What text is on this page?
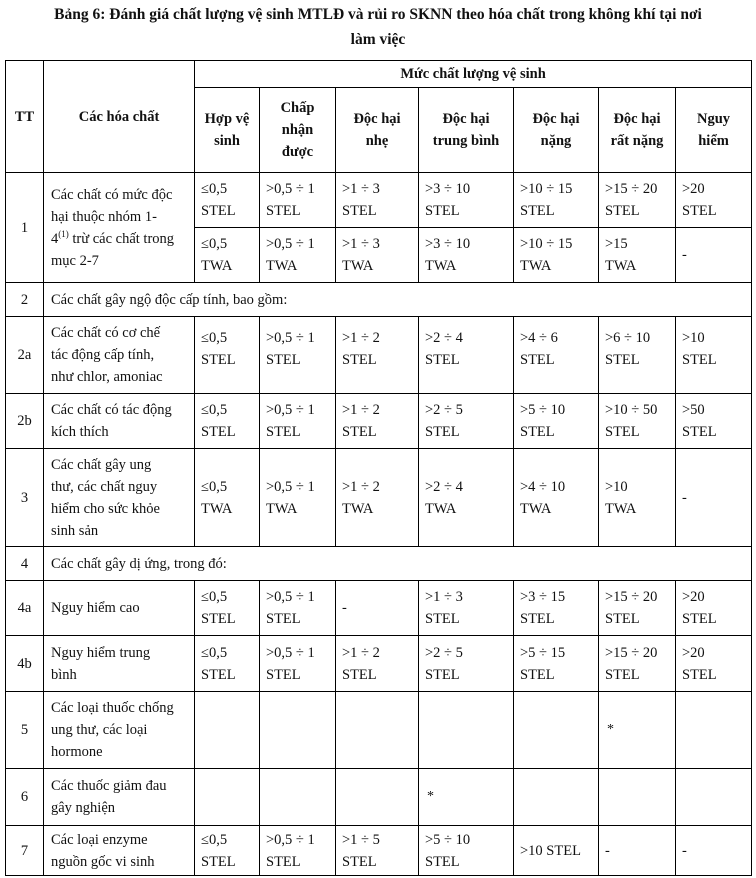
Bảng 6: Đánh giá chất lượng vệ sinh MTLĐ và rủi ro SKNN theo hóa chất trong không khí tại nơi
làm việc
TT	Các hóa chất	Mức chất lượng vệ sinh						

		Hợp vệ
sinh	Chấp
nhận
được	Độc hại
nhẹ	Độc hại
trung bình	Độc hại
nặng	Độc hại
rất nặng	Nguy
hiểm

1	Các chất có mức độc
hại thuộc nhóm 1-
4$^{(1)}$ trừ các chất trong
mục 2-7	≤0,5
STEL	>0,5 ÷ 1
STEL	>1 ÷ 3
STEL	>3 ÷ 10
STEL	>10 ÷ 15
STEL	>15 ÷ 20
STEL	>20
STEL

		≤0,5
TWA	>0,5 ÷ 1
TWA	>1 ÷ 3
TWA	>3 ÷ 10
TWA	>10 ÷ 15
TWA	>15
TWA	-
2	Các chất gây ngộ độc cấp tính, bao gồm:							
2a	Các chất có cơ chế
tác động cấp tính,
như chlor, amoniac	≤0,5
STEL	>0,5 ÷ 1
STEL	>1 ÷ 2
STEL	>2 ÷ 4
STEL	>4 ÷ 6
STEL	>6 ÷ 10
STEL	>10
STEL

2b	Các chất có tác động
kích thích	≤0,5
STEL	>0,5 ÷ 1
STEL	>1 ÷ 2
STEL	>2 ÷ 5
STEL	>5 ÷ 10
STEL	>10 ÷ 50
STEL	>50
STEL

3	Các chất gây ung
thư, các chất nguy
hiểm cho sức khỏe
sinh sản	≤0,5
TWA	>0,5 ÷ 1
TWA	>1 ÷ 2
TWA	>2 ÷ 4
TWA	>4 ÷ 10
TWA	>10
TWA	-
4	Các chất gây dị ứng, trong đó:							
4a	Nguy hiểm cao	≤0,5
STEL	>0,5 ÷ 1
STEL	-	>1 ÷ 3
STEL	>3 ÷ 15
STEL	>15 ÷ 20
STEL	>20
STEL

4b	Nguy hiểm trung
bình	≤0,5
STEL	>0,5 ÷ 1
STEL	>1 ÷ 2
STEL	>2 ÷ 5
STEL	>5 ÷ 15
STEL	>15 ÷ 20
STEL	>20
STEL

5	Các loại thuốc chống
ung thư, các loại
hormone						*	
6	Các thuốc giảm đau
gây nghiện				*			
7	Các loại enzyme
nguồn gốc vi sinh	≤0,5
STEL	>0,5 ÷ 1
STEL	>1 ÷ 5
STEL	>5 ÷ 10
STEL	>10 STEL	-	-
